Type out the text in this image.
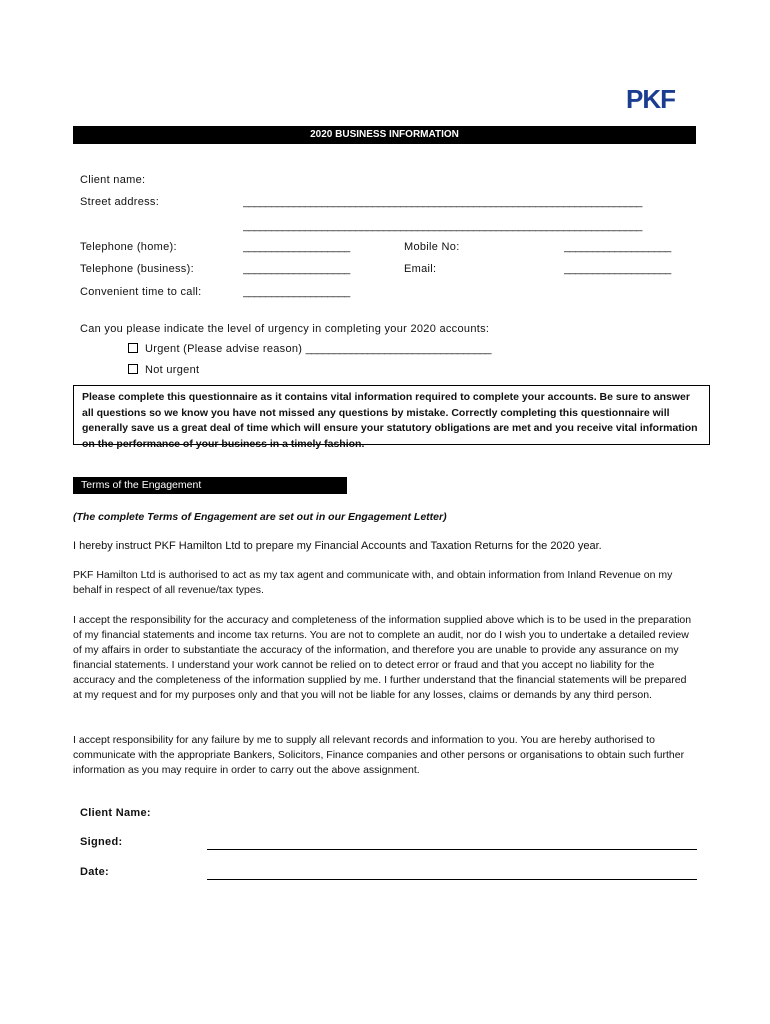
PKF
2020 BUSINESS INFORMATION
Client name:
Street address:	_______________________________________________________________________
_______________________________________________________________________
Telephone (home):	___________________	Mobile No:	___________________
Telephone (business):	___________________	Email:	___________________
Convenient time to call:	___________________
Can you please indicate the level of urgency in completing your 2020 accounts:
Urgent (Please advise reason) _________________________________
Not urgent
Please complete this questionnaire as it contains vital information required to complete your accounts. Be sure to answer all questions so we know you have not missed any questions by mistake. Correctly completing this questionnaire will generally save us a great deal of time which will ensure your statutory obligations are met and you receive vital information on the performance of your business in a timely fashion.
Terms of the Engagement
(The complete Terms of Engagement are set out in our Engagement Letter)
I hereby instruct PKF Hamilton Ltd to prepare my Financial Accounts and Taxation Returns for the 2020 year.
PKF Hamilton Ltd is authorised to act as my tax agent and communicate with, and obtain information from Inland Revenue on my behalf in respect of all revenue/tax types.
I accept the responsibility for the accuracy and completeness of the information supplied above which is to be used in the preparation of my financial statements and income tax returns. You are not to complete an audit, nor do I wish you to undertake a detailed review of my affairs in order to substantiate the accuracy of the information, and therefore you are unable to provide any assurance on my financial statements. I understand your work cannot be relied on to detect error or fraud and that you accept no liability for the accuracy and the completeness of the information supplied by me. I further understand that the financial statements will be prepared at my request and for my purposes only and that you will not be liable for any losses, claims or demands by any third person.
I accept responsibility for any failure by me to supply all relevant records and information to you. You are hereby authorised to communicate with the appropriate Bankers, Solicitors, Finance companies and other persons or organisations to obtain such further information as you may require in order to carry out the above assignment.
Client Name:
Signed:
Date:
